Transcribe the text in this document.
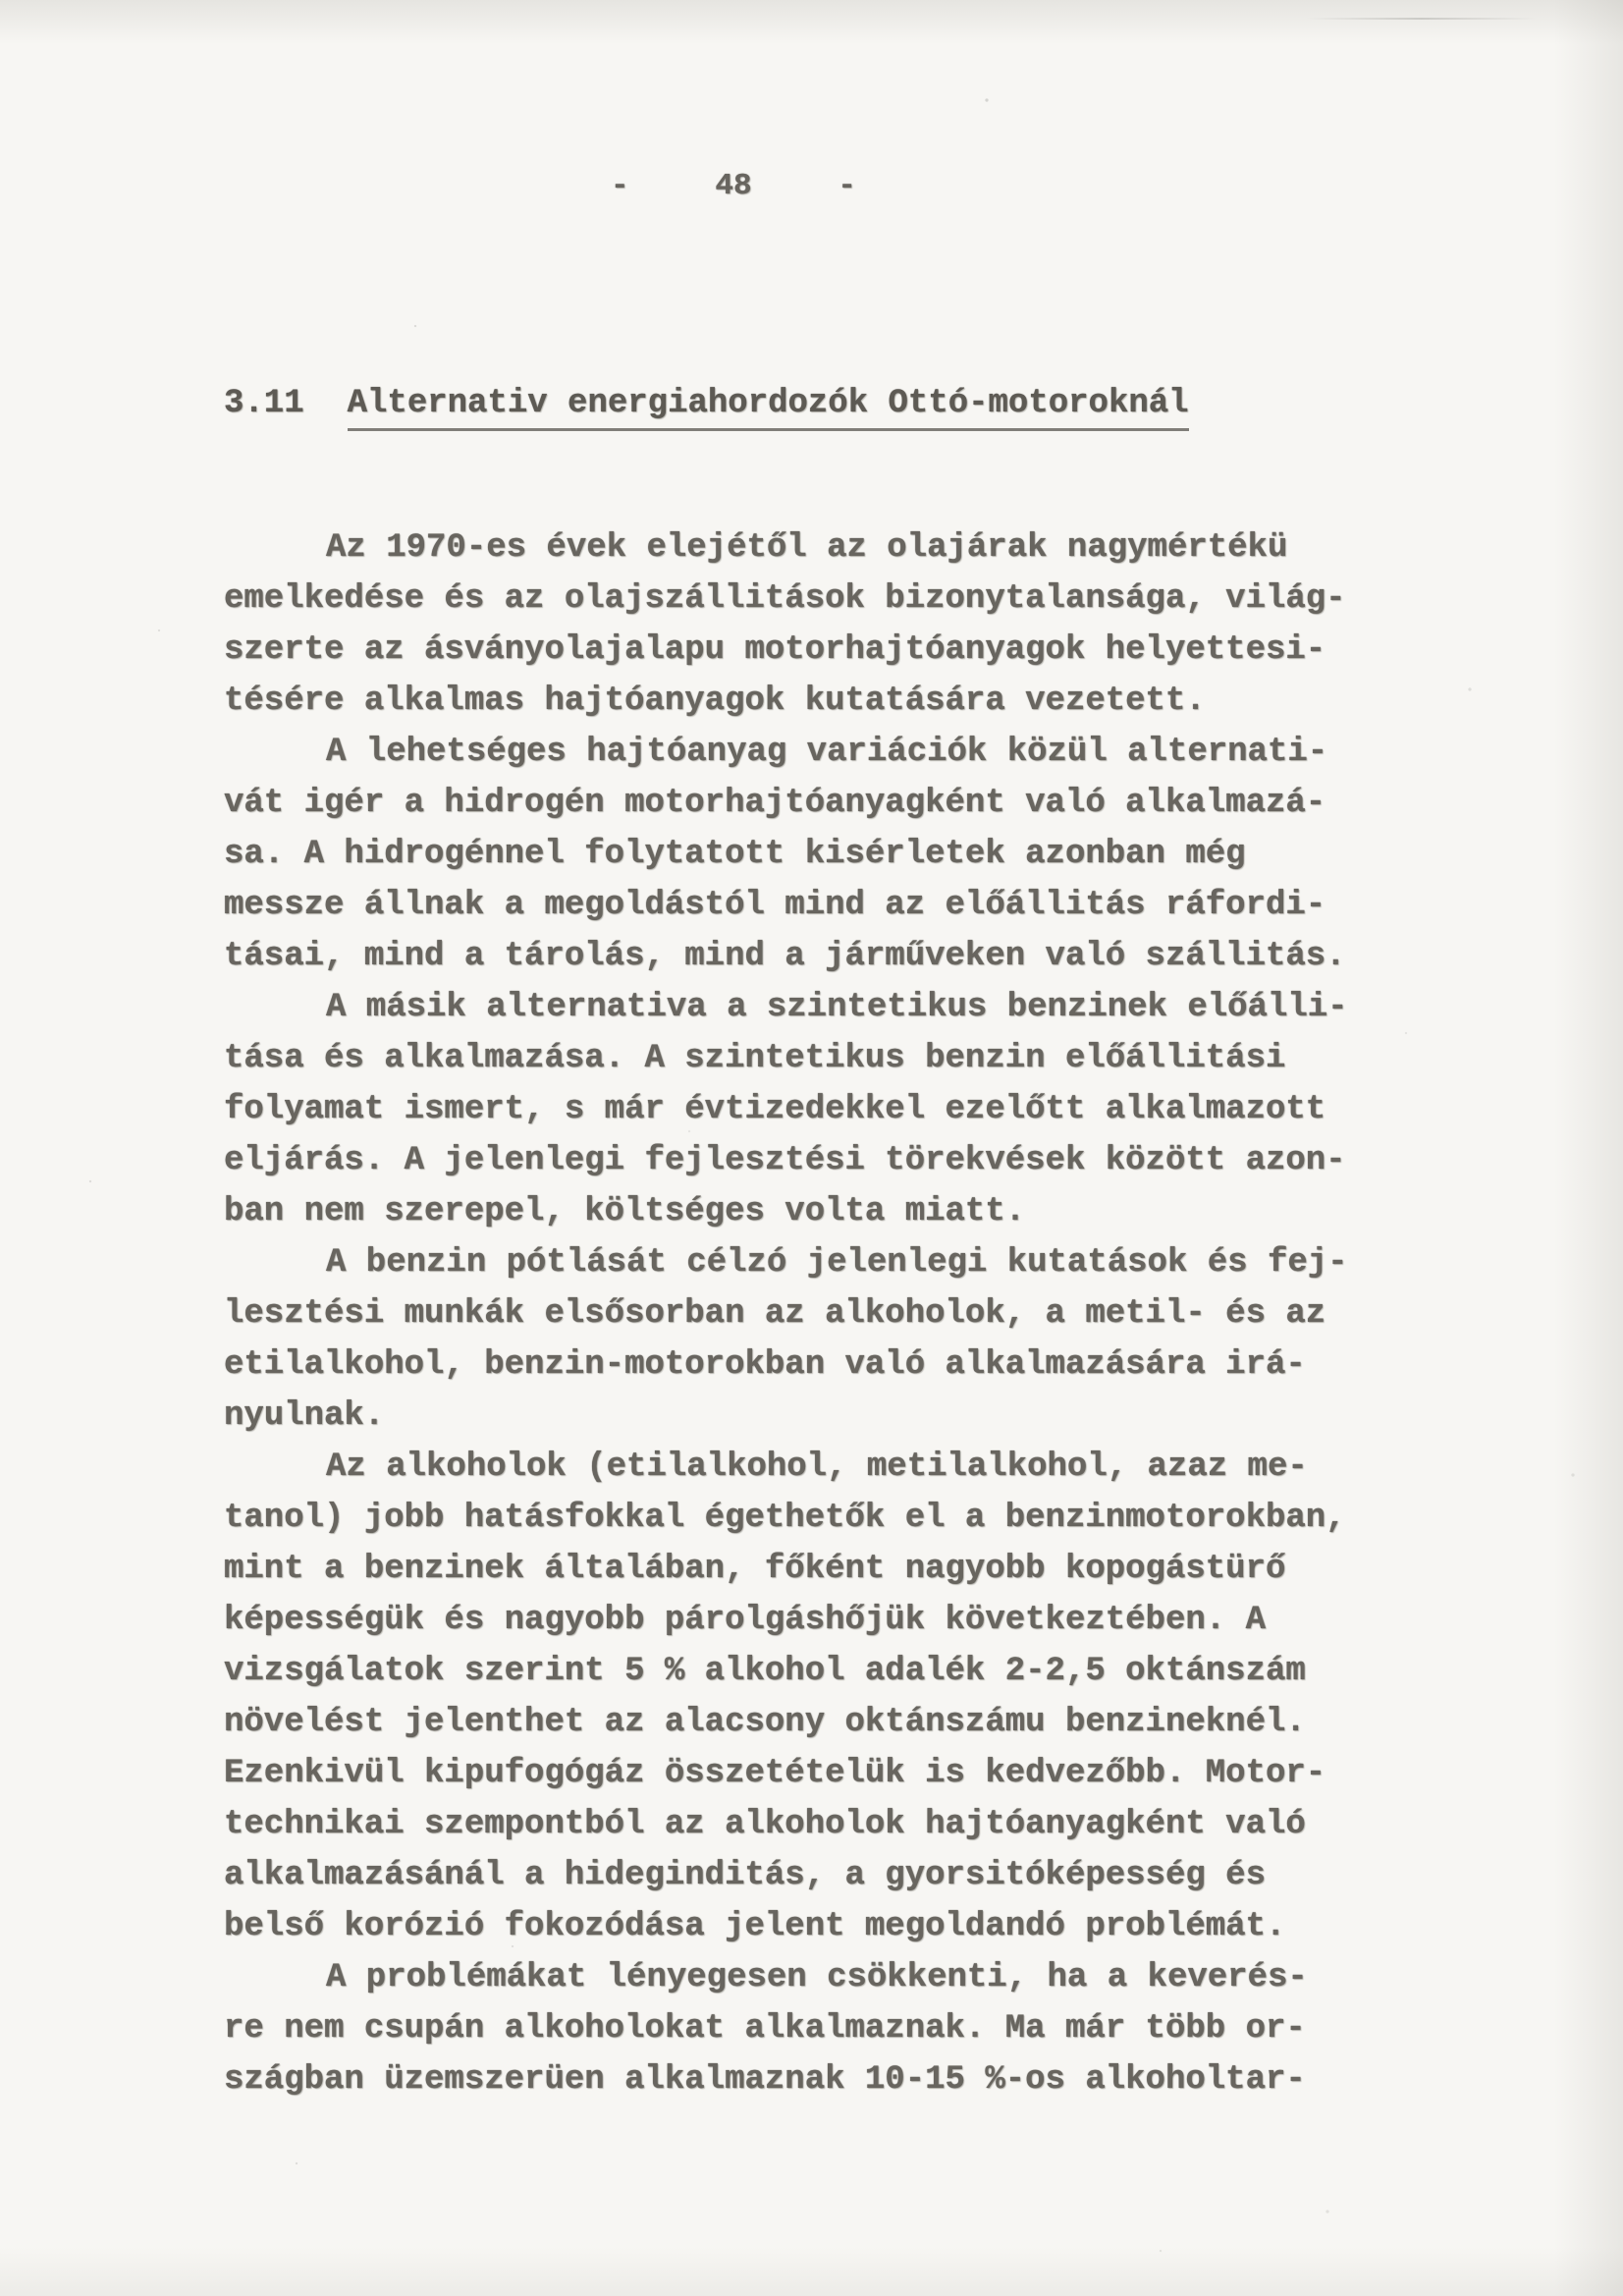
-	48	-
3.11 Alternativ energiahordozók Ottó-motoroknál
Az 1970-es évek elejétől az olajárak nagymértékü
emelkedése és az olajszállitások bizonytalansága, világ-
szerte az ásványolajalapu motorhajtóanyagok helyettesi-
tésére alkalmas hajtóanyagok kutatására vezetett.
A lehetséges hajtóanyag variációk közül alternati-
vát igér a hidrogén motorhajtóanyagként való alkalmazá-
sa. A hidrogénnel folytatott kisérletek azonban még
messze állnak a megoldástól mind az előállitás ráfordi-
tásai, mind a tárolás, mind a járműveken való szállitás.
A másik alternativa a szintetikus benzinek előálli-
tása és alkalmazása. A szintetikus benzin előállitási
folyamat ismert, s már évtizedekkel ezelőtt alkalmazott
eljárás. A jelenlegi fejlesztési törekvések között azon-
ban nem szerepel, költséges volta miatt.
A benzin pótlását célzó jelenlegi kutatások és fej-
lesztési munkák elsősorban az alkoholok, a metil- és az
etilalkohol, benzin-motorokban való alkalmazására irá-
nyulnak.
Az alkoholok (etilalkohol, metilalkohol, azaz me-
tanol) jobb hatásfokkal égethetők el a benzinmotorokban,
mint a benzinek általában, főként nagyobb kopogástürő
képességük és nagyobb párolgáshőjük következtében. A
vizsgálatok szerint 5 % alkohol adalék 2-2,5 oktánszám
növelést jelenthet az alacsony oktánszámu benzineknél.
Ezenkivül kipufogógáz összetételük is kedvezőbb. Motor-
technikai szempontból az alkoholok hajtóanyagként való
alkalmazásánál a hideginditás, a gyorsitóképesség és
belső korózió fokozódása jelent megoldandó problémát.
A problémákat lényegesen csökkenti, ha a keverés-
re nem csupán alkoholokat alkalmaznak. Ma már több or-
szágban üzemszerüen alkalmaznak 10-15 %-os alkoholtar-
